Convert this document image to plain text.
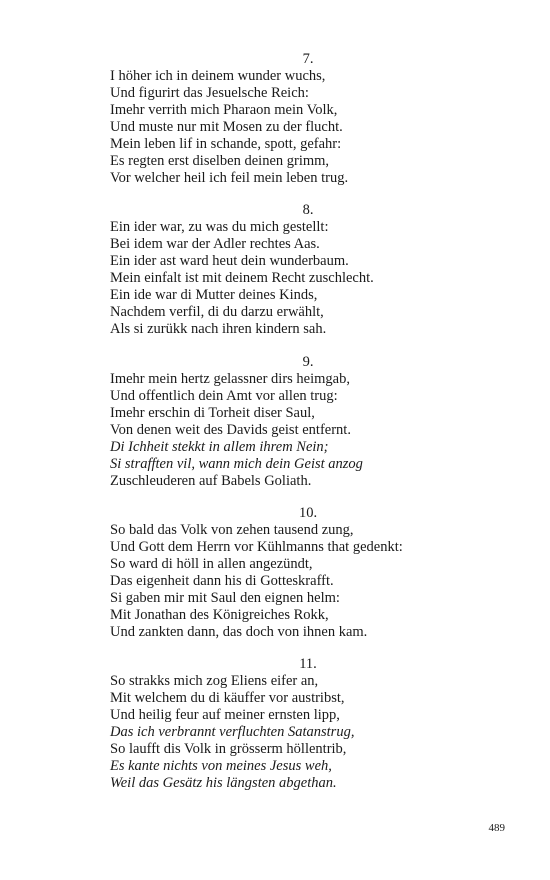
7.
I höher ich in deinem wunder wuchs,
Und figurirt das Jesuelsche Reich:
Imehr verrith mich Pharaon mein Volk,
Und muste nur mit Mosen zu der flucht.
Mein leben lif in schande, spott, gefahr:
Es regten erst diselben deinen grimm,
Vor welcher heil ich feil mein leben trug.
8.
Ein ider war, zu was du mich gestellt:
Bei idem war der Adler rechtes Aas.
Ein ider ast ward heut dein wunderbaum.
Mein einfalt ist mit deinem Recht zuschlecht.
Ein ide war di Mutter deines Kinds,
Nachdem verfil, di du darzu erwählt,
Als si zurükk nach ihren kindern sah.
9.
Imehr mein hertz gelassner dirs heimgab,
Und offentlich dein Amt vor allen trug:
Imehr erschin di Torheit diser Saul,
Von denen weit des Davids geist entfernt.
Di Ichheit stekkt in allem ihrem Nein;
Si strafften vil, wann mich dein Geist anzog
Zuschleuderen auf Babels Goliath.
10.
So bald das Volk von zehen tausend zung,
Und Gott dem Herrn vor Kühlmanns that gedenkt:
So ward di höll in allen angezündt,
Das eigenheit dann his di Gotteskrafft.
Si gaben mir mit Saul den eignen helm:
Mit Jonathan des Königreiches Rokk,
Und zankten dann, das doch von ihnen kam.
11.
So strakks mich zog Eliens eifer an,
Mit welchem du di käuffer vor austribst,
Und heilig feur auf meiner ernsten lipp,
Das ich verbrannt verfluchten Satanstrug,
So laufft dis Volk in grösserm höllentrib,
Es kante nichts von meines Jesus weh,
Weil das Gesätz his längsten abgethan.
489
